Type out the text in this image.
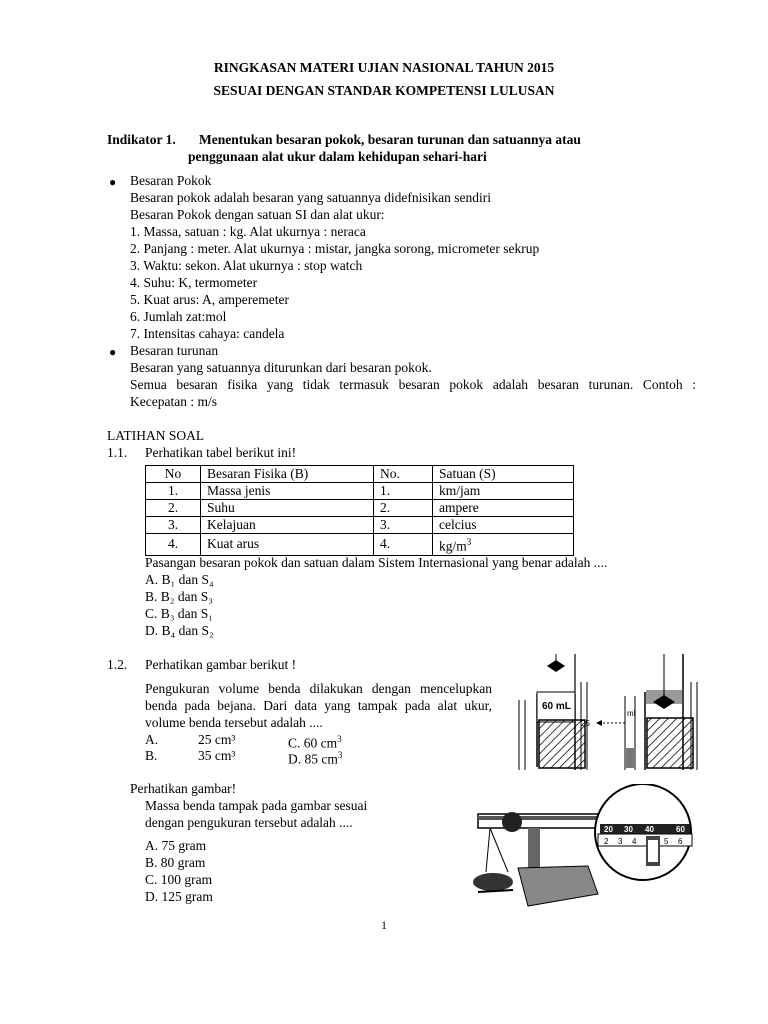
RINGKASAN MATERI UJIAN NASIONAL TAHUN 2015
SESUAI DENGAN STANDAR KOMPETENSI LULUSAN
Indikator 1. Menentukan besaran pokok, besaran turunan dan satuannya atau
penggunaan alat ukur dalam kehidupan sehari-hari
● Besaran Pokok
Besaran pokok adalah besaran yang satuannya didefnisikan sendiri
Besaran Pokok dengan satuan SI dan alat ukur:
1. Massa, satuan : kg. Alat ukurnya : neraca
2. Panjang : meter. Alat ukurnya : mistar, jangka sorong, micrometer sekrup
3. Waktu: sekon. Alat ukurnya : stop watch
4. Suhu: K, termometer
5. Kuat arus: A, amperemeter
6. Jumlah zat:mol
7. Intensitas cahaya: candela
● Besaran turunan
Besaran yang satuannya diturunkan dari besaran pokok.
Semua besaran fisika yang tidak termasuk besaran pokok adalah besaran turunan. Contoh :
Kecepatan : m/s
LATIHAN SOAL
1.1. Perhatikan tabel berikut ini!
No	Besaran Fisika (B)	No.	Satuan (S)
1.	Massa jenis	1.	km/jam
2.	Suhu	2.	ampere
3.	Kelajuan	3.	celcius
4.	Kuat arus	4.	$kg/m^3$
Pasangan besaran pokok dan satuan dalam Sistem Internasional yang benar adalah ....
A. B₁ dan S₄
B. B₂ dan S₃
C. B₃ dan S₁
D. B₄ dan S₂
1.2. Perhatikan gambar berikut !
Pengukuran volume benda dilakukan dengan mencelupkan benda pada bejana. Dari data yang tampak pada alat ukur, volume benda tersebut adalah ....
A.	25 cm³	C. 60 $cm^3$
B.	35 cm³	D. 85 $cm^3$
60 mL
25
ml
Perhatikan gambar!
Massa benda tampak pada gambar sesuai
dengan pengukuran tersebut adalah ....
A. 75 gram
B. 80 gram
C. 100 gram
D. 125 gram
20 30 40	60
2 3 4	5 6
1
